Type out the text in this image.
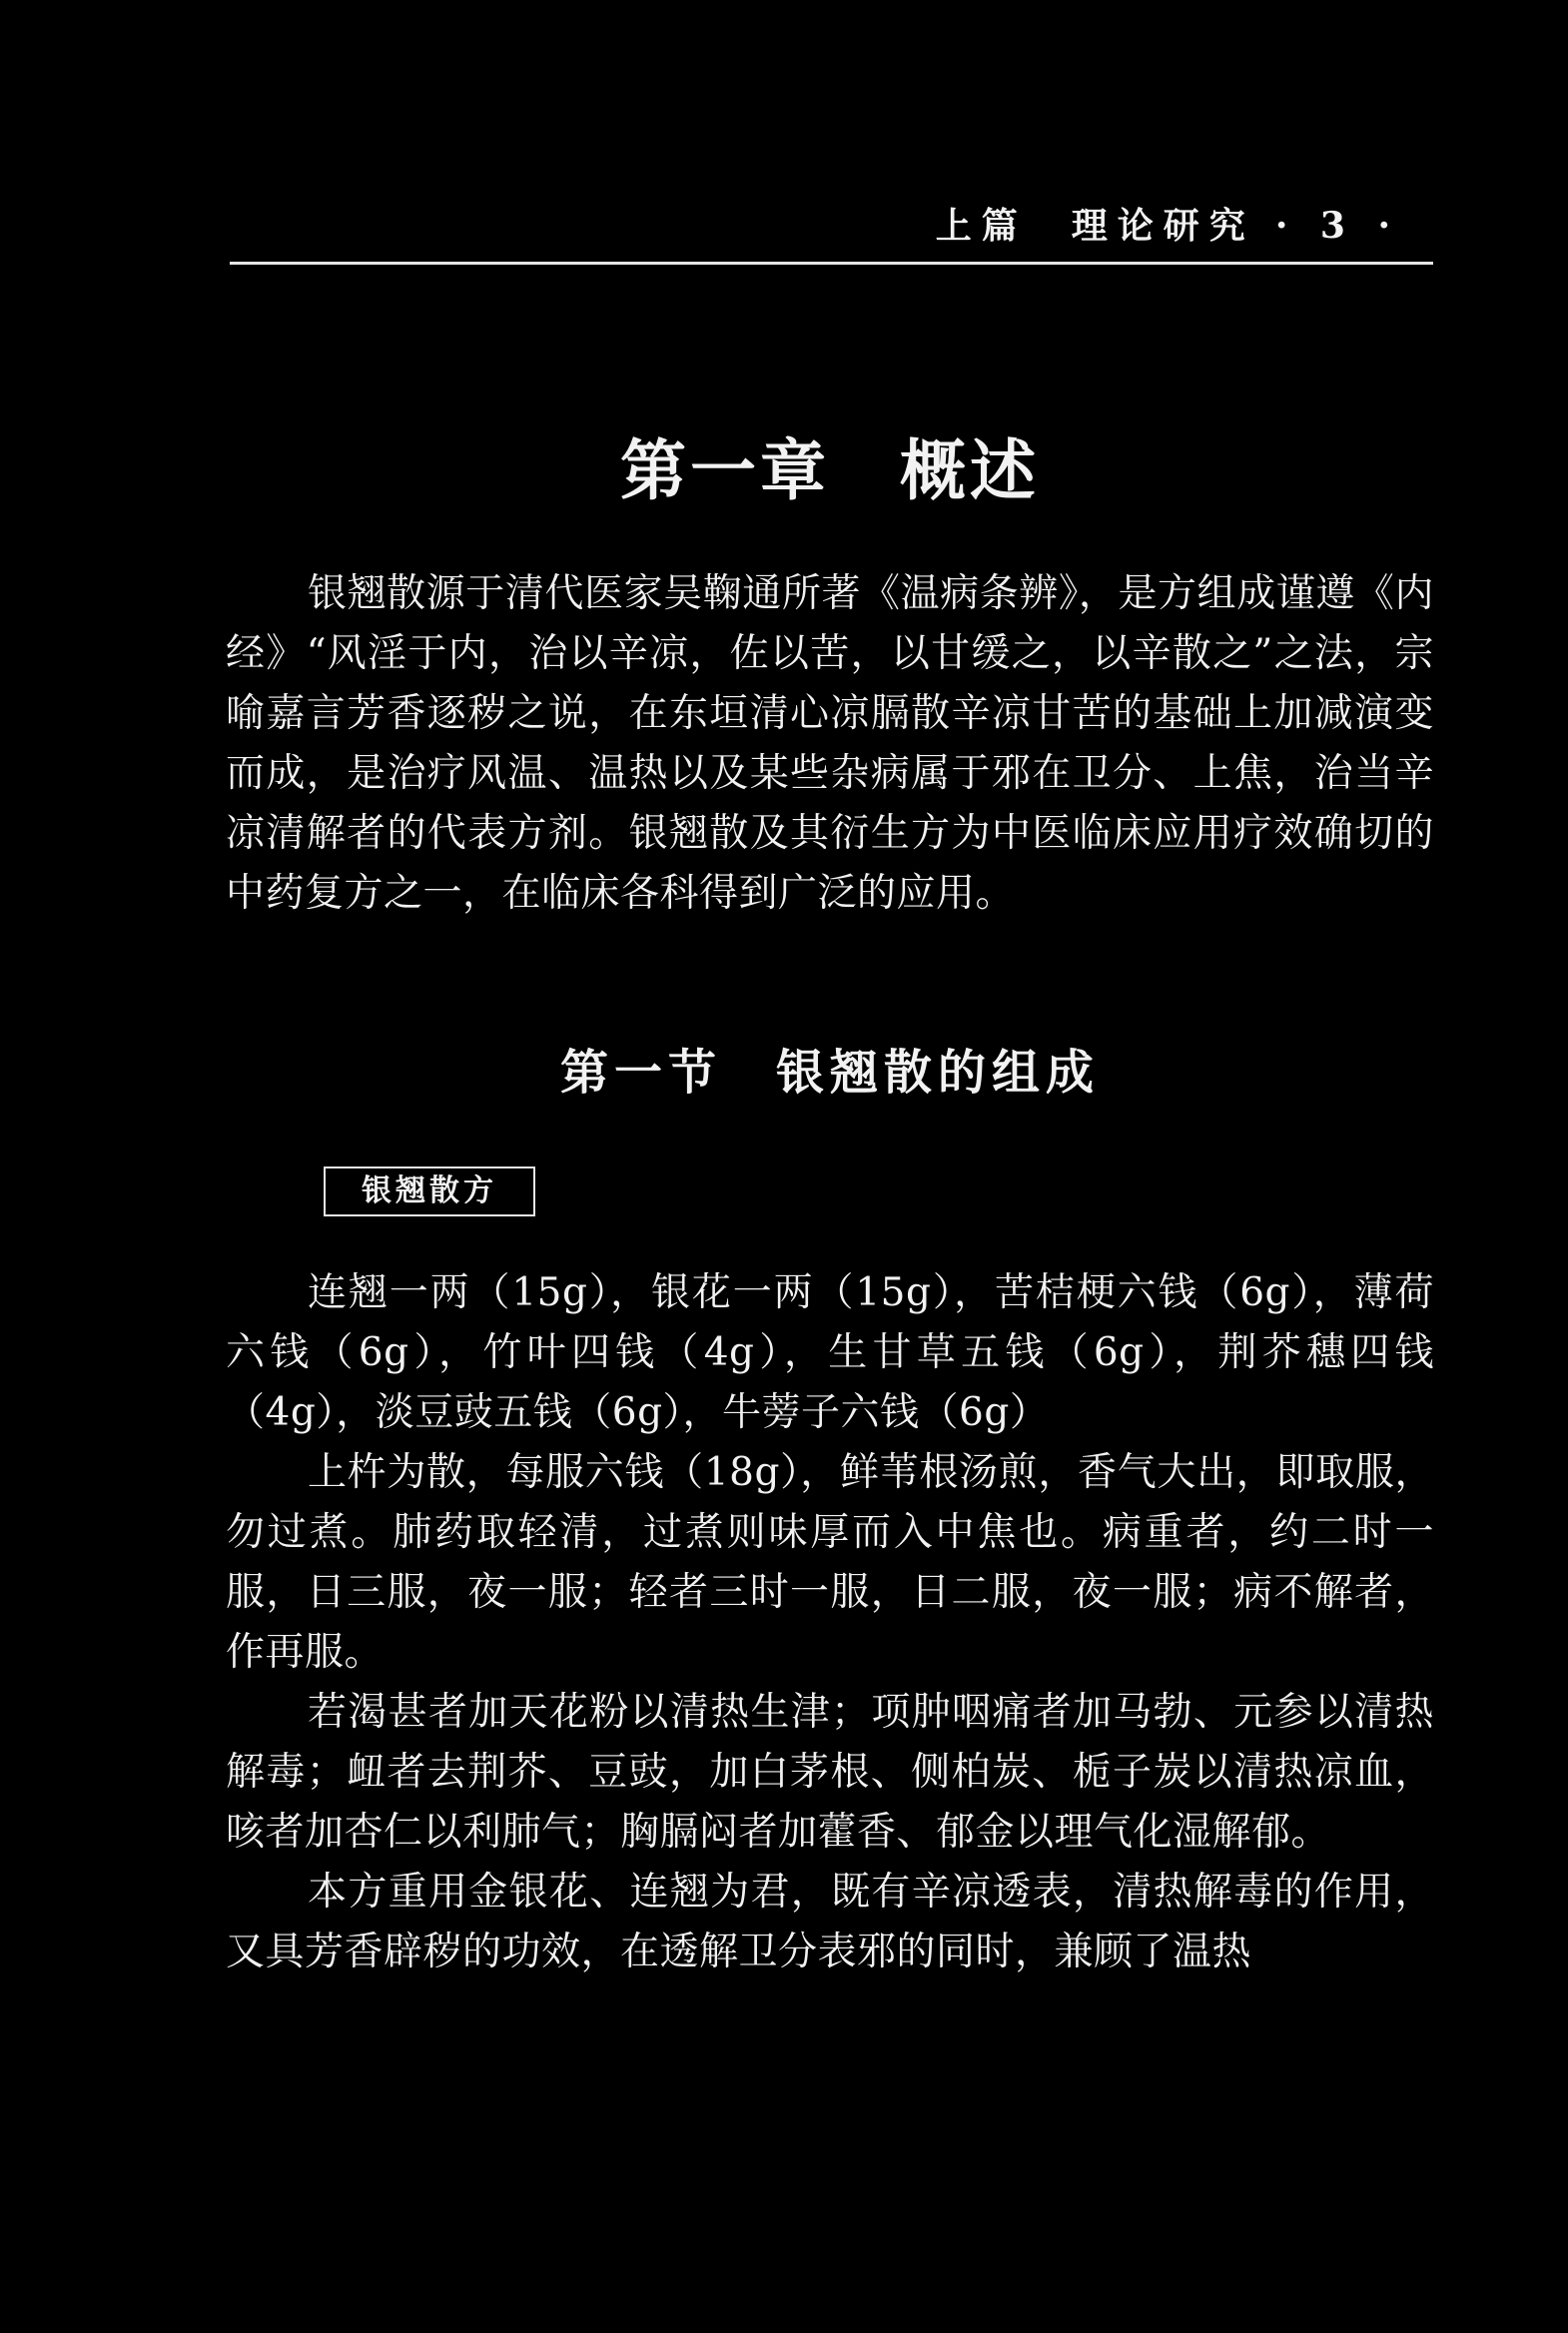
上篇 理论研究 · 3 ·
第一章　概述

银翘散源于清代医家吴鞠通所著《温病条辨》，是方组成谨遵《内经》“风淫于内，治以辛凉，佐以苦，以甘缓之，以辛散之”之法，宗喻嘉言芳香逐秽之说，在东垣清心凉膈散辛凉甘苦的基础上加减演变而成，是治疗风温、温热以及某些杂病属于邪在卫分、上焦，治当辛凉清解者的代表方剂。银翘散及其衍生方为中医临床应用疗效确切的中药复方之一，在临床各科得到广泛的应用。

第一节　银翘散的组成
银翘散方

连翘一两（15g），银花一两（15g），苦桔梗六钱（6g），薄荷六钱（6g），竹叶四钱（4g），生甘草五钱（6g），荆芥穗四钱（4g），淡豆豉五钱（6g），牛蒡子六钱（6g）

上杵为散，每服六钱（18g），鲜苇根汤煎，香气大出，即取服，勿过煮。肺药取轻清，过煮则味厚而入中焦也。病重者，约二时一服，日三服，夜一服；轻者三时一服，日二服，夜一服；病不解者，作再服。

若渴甚者加天花粉以清热生津；项肿咽痛者加马勃、元参以清热解毒；衄者去荆芥、豆豉，加白茅根、侧柏炭、栀子炭以清热凉血，咳者加杏仁以利肺气；胸膈闷者加藿香、郁金以理气化湿解郁。

本方重用金银花、连翘为君，既有辛凉透表，清热解毒的作用，又具芳香辟秽的功效，在透解卫分表邪的同时，兼顾了温热
